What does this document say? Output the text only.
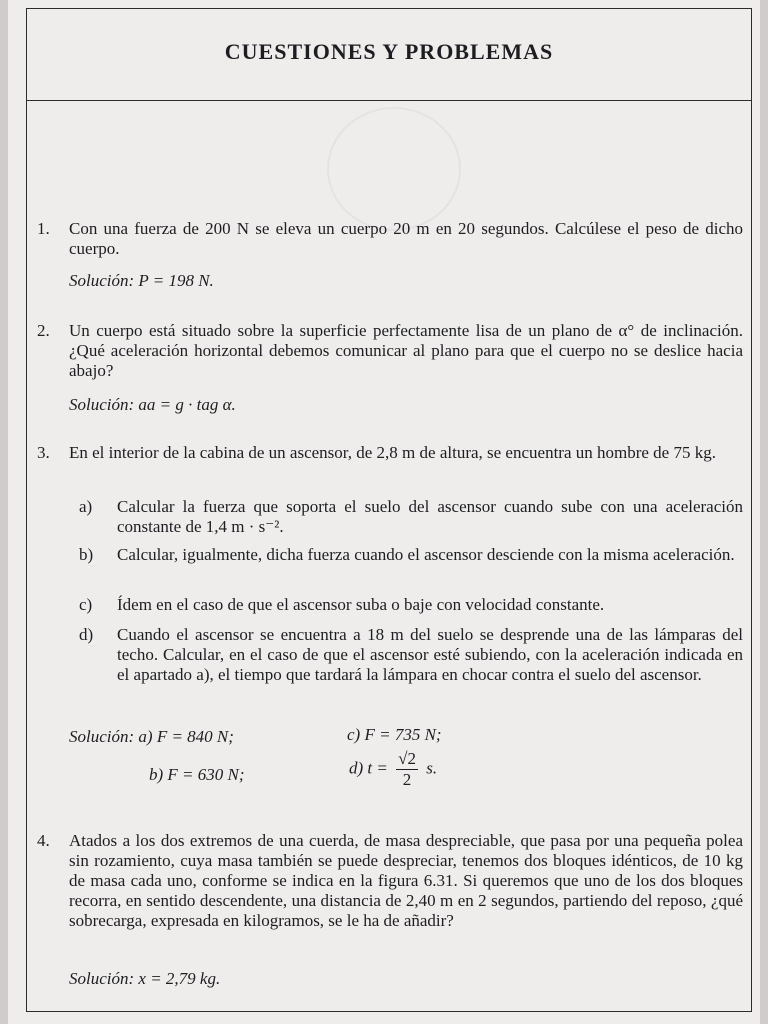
CUESTIONES Y PROBLEMAS
1. Con una fuerza de 200 N se eleva un cuerpo 20 m en 20 segundos. Calcúlese el peso de dicho cuerpo.
Solución: P = 198 N.
2. Un cuerpo está situado sobre la superficie perfectamente lisa de un plano de α° de inclinación. ¿Qué aceleración horizontal debemos comunicar al plano para que el cuerpo no se deslice hacia abajo?
Solución: aa = g · tag α.
3. En el interior de la cabina de un ascensor, de 2,8 m de altura, se encuentra un hombre de 75 kg.
a) Calcular la fuerza que soporta el suelo del ascensor cuando sube con una aceleración constante de 1,4 m · s⁻².
b) Calcular, igualmente, dicha fuerza cuando el ascensor desciende con la misma aceleración.
c) Ídem en el caso de que el ascensor suba o baje con velocidad constante.
d) Cuando el ascensor se encuentra a 18 m del suelo se desprende una de las lámparas del techo. Calcular, en el caso de que el ascensor esté subiendo, con la aceleración indicada en el apartado a), el tiempo que tardará la lámpara en chocar contra el suelo del ascensor.
Solución: a) F = 840 N;	c) F = 735 N;
b) F = 630 N;	d) $t = \frac{√2}{2} s$.
4. Atados a los dos extremos de una cuerda, de masa despreciable, que pasa por una pequeña polea sin rozamiento, cuya masa también se puede despreciar, tenemos dos bloques idénticos, de 10 kg de masa cada uno, conforme se indica en la figura 6.31. Si queremos que uno de los dos bloques recorra, en sentido descendente, una distancia de 2,40 m en 2 segundos, partiendo del reposo, ¿qué sobrecarga, expresada en kilogramos, se le ha de añadir?
Solución: x = 2,79 kg.
